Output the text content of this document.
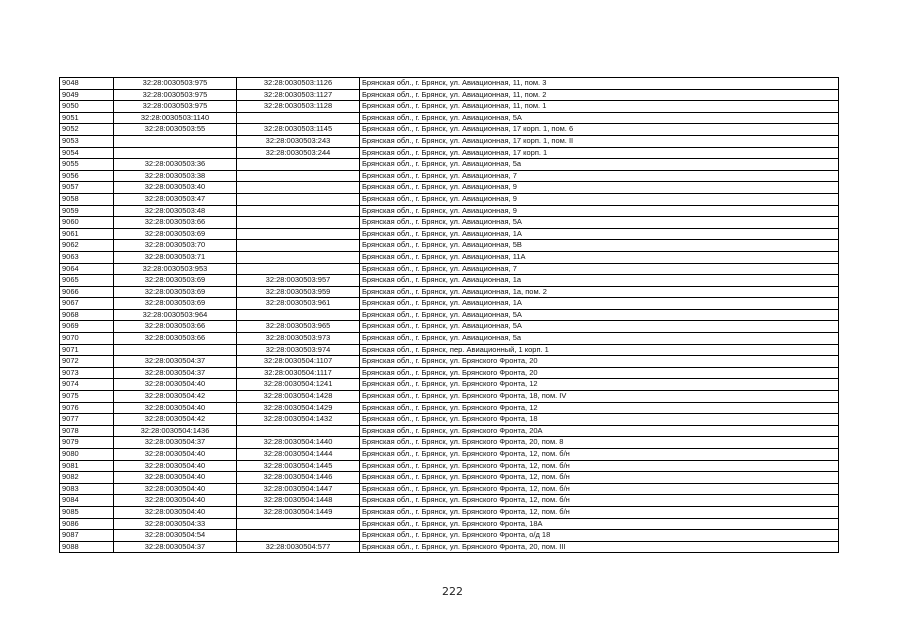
9048	32:28:0030503:975	32:28:0030503:1126	Брянская обл., г. Брянск, ул. Авиационная, 11, пом. 3
9049	32:28:0030503:975	32:28:0030503:1127	Брянская обл., г. Брянск, ул. Авиационная, 11, пом. 2
9050	32:28:0030503:975	32:28:0030503:1128	Брянская обл., г. Брянск, ул. Авиационная, 11, пом. 1
9051	32:28:0030503:1140		Брянская обл., г. Брянск, ул. Авиационная, 5А
9052	32:28:0030503:55	32:28:0030503:1145	Брянская обл., г. Брянск, ул. Авиационная, 17 корп. 1, пом. 6
9053		32:28:0030503:243	Брянская обл., г. Брянск, ул. Авиационная, 17 корп. 1, пом. II
9054		32:28:0030503:244	Брянская обл., г. Брянск, ул. Авиационная, 17 корп. 1
9055	32:28:0030503:36		Брянская обл., г. Брянск, ул. Авиационная, 5а
9056	32:28:0030503:38		Брянская обл., г. Брянск, ул. Авиационная, 7
9057	32:28:0030503:40		Брянская обл., г. Брянск, ул. Авиационная, 9
9058	32:28:0030503:47		Брянская обл., г. Брянск, ул. Авиационная, 9
9059	32:28:0030503:48		Брянская обл., г. Брянск, ул. Авиационная, 9
9060	32:28:0030503:66		Брянская обл., г. Брянск, ул. Авиационная, 5А
9061	32:28:0030503:69		Брянская обл., г. Брянск, ул. Авиационная, 1А
9062	32:28:0030503:70		Брянская обл., г. Брянск, ул. Авиационная, 5В
9063	32:28:0030503:71		Брянская обл., г. Брянск, ул. Авиационная, 11А
9064	32:28:0030503:953		Брянская обл., г. Брянск, ул. Авиационная, 7
9065	32:28:0030503:69	32:28:0030503:957	Брянская обл., г. Брянск, ул. Авиационная, 1а
9066	32:28:0030503:69	32:28:0030503:959	Брянская обл., г. Брянск, ул. Авиационная, 1а, пом. 2
9067	32:28:0030503:69	32:28:0030503:961	Брянская обл., г. Брянск, ул. Авиационная, 1А
9068	32:28:0030503:964		Брянская обл., г. Брянск, ул. Авиационная, 5А
9069	32:28:0030503:66	32:28:0030503:965	Брянская обл., г. Брянск, ул. Авиационная, 5А
9070	32:28:0030503:66	32:28:0030503:973	Брянская обл., г. Брянск, ул. Авиационная, 5а
9071		32:28:0030503:974	Брянская обл., г. Брянск, пер. Авиационный, 1 корп. 1
9072	32:28:0030504:37	32:28:0030504:1107	Брянская обл., г. Брянск, ул. Брянского Фронта, 20
9073	32:28:0030504:37	32:28:0030504:1117	Брянская обл., г. Брянск, ул. Брянского Фронта, 20
9074	32:28:0030504:40	32:28:0030504:1241	Брянская обл., г. Брянск, ул. Брянского Фронта, 12
9075	32:28:0030504:42	32:28:0030504:1428	Брянская обл., г. Брянск, ул. Брянского Фронта, 18, пом. IV
9076	32:28:0030504:40	32:28:0030504:1429	Брянская обл., г. Брянск, ул. Брянского Фронта, 12
9077	32:28:0030504:42	32:28:0030504:1432	Брянская обл., г. Брянск, ул. Брянского Фронта, 18
9078	32:28:0030504:1436		Брянская обл., г. Брянск, ул. Брянского Фронта, 20А
9079	32:28:0030504:37	32:28:0030504:1440	Брянская обл., г. Брянск, ул. Брянского Фронта, 20, пом. 8
9080	32:28:0030504:40	32:28:0030504:1444	Брянская обл., г. Брянск, ул. Брянского Фронта, 12, пом. б/н
9081	32:28:0030504:40	32:28:0030504:1445	Брянская обл., г. Брянск, ул. Брянского Фронта, 12, пом. б/н
9082	32:28:0030504:40	32:28:0030504:1446	Брянская обл., г. Брянск, ул. Брянского Фронта, 12, пом. б/н
9083	32:28:0030504:40	32:28:0030504:1447	Брянская обл., г. Брянск, ул. Брянского Фронта, 12, пом. б/н
9084	32:28:0030504:40	32:28:0030504:1448	Брянская обл., г. Брянск, ул. Брянского Фронта, 12, пом. б/н
9085	32:28:0030504:40	32:28:0030504:1449	Брянская обл., г. Брянск, ул. Брянского Фронта, 12, пом. б/н
9086	32:28:0030504:33		Брянская обл., г. Брянск, ул. Брянского Фронта, 18А
9087	32:28:0030504:54		Брянская обл., г. Брянск, ул. Брянского Фронта, о/д 18
9088	32:28:0030504:37	32:28:0030504:577	Брянская обл., г. Брянск, ул. Брянского Фронта, 20, пом. III
222
